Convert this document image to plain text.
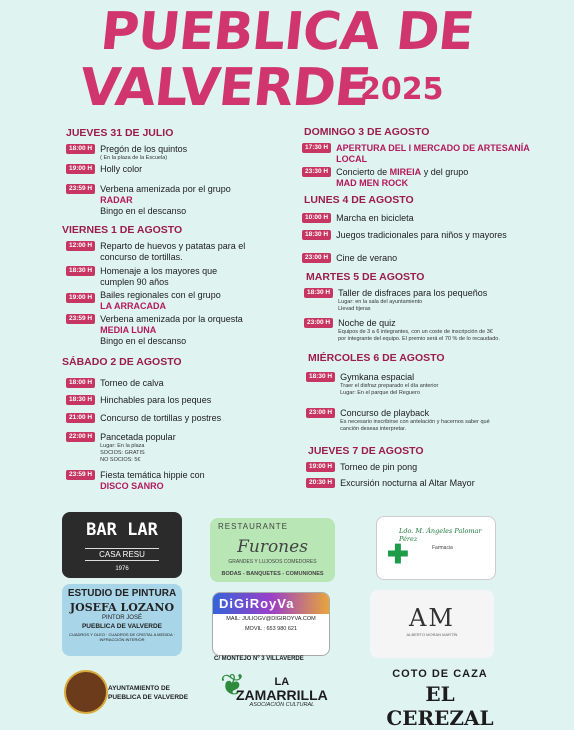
PUEBLICA DE
VALVERDE
2025
JUEVES 31 DE JULIO
18:00 H Pregón de los quintos
( En la plaza de la Escuela)
19:00 H Holly color
23:59 H Verbena amenizada por el grupo
RADAR
Bingo en el descanso
VIERNES 1 DE AGOSTO
12:00 H Reparto de huevos y patatas para el
concurso de tortillas.
18:30 H Homenaje a los mayores que
cumplen 90 años
19:00 H Bailes regionales con el grupo
LA ARRACADA
23:59 H Verbena amenizada por la orquesta
MEDIA LUNA
Bingo en el descanso
SÁBADO 2 DE AGOSTO
18:00 H Torneo de calva
18:30 H Hinchables para los peques
21:00 H Concurso de tortillas y postres
22:00 H Pancetada popular
Lugar: En la plaza
SOCIOS: GRATIS
NO SOCIOS: 5€
23:59 H Fiesta temática hippie con
DISCO SANRO
DOMINGO 3 DE AGOSTO
17:30 H APERTURA DEL I MERCADO DE ARTESANÍA
LOCAL
23:30 H Concierto de MIREIA y del grupo
MAD MEN ROCK
LUNES 4 DE AGOSTO
10:00 H Marcha en bicicleta
18:30 H Juegos tradicionales para niños y mayores
23:00 H Cine de verano
MARTES 5 DE AGOSTO
18:30 H Taller de disfraces para los pequeños
Lugar: en la sala del ayuntamiento
Llevad tijeras
23:00 H Noche de quiz
Equipos de 3 a 6 integrantes, con un coste de inscripción de 3€
por integrante del equipo. El premio será el 70 % de lo recaudado.
MIÉRCOLES 6 DE AGOSTO
18:30 H Gymkana espacial
Traer el disfraz preparado el día anterior
Lugar: En el parque del Reguero
23:00 H Concurso de playback
Es necesario inscribirse con antelación y hacernos saber qué
canción deseas interpretar.
JUEVES 7 DE AGOSTO
19:00 H Torneo de pin pong
20:30 H Excursión nocturna al Altar Mayor
BAR LAR
CASA RESU
1976
RESTAURANTE
Furones
GRANDES Y LUJOSOS COMEDORES
BODAS - BANQUETES - COMUNIONES
Ldo. M. Ángeles Palomar Pérez
✚	Farmacia
ESTUDIO DE PINTURA
JOSEFA LOZANO
PINTOR JOSÉ
PUEBLICA DE VALVERDE
CUADROS Y OLEO · CUADROS DE CRISTAL A MEDIDA · INFRACCIÓN INTERIOR
DiGiRoyVa
MAIL: JULIOGV@DIGIROYVA.COM
MOVIL : 653 980 621
C/ MONTEJO Nº 3 VILLAVERDE
AM
ALBERTO MORAN MARTÍN
AYUNTAMIENTO DE
PUEBLICA DE VALVERDE ❦	LA
ZAMARRILLA
ASOCIACIÓN CULTURAL
COTO DE CAZA
EL CEREZAL
